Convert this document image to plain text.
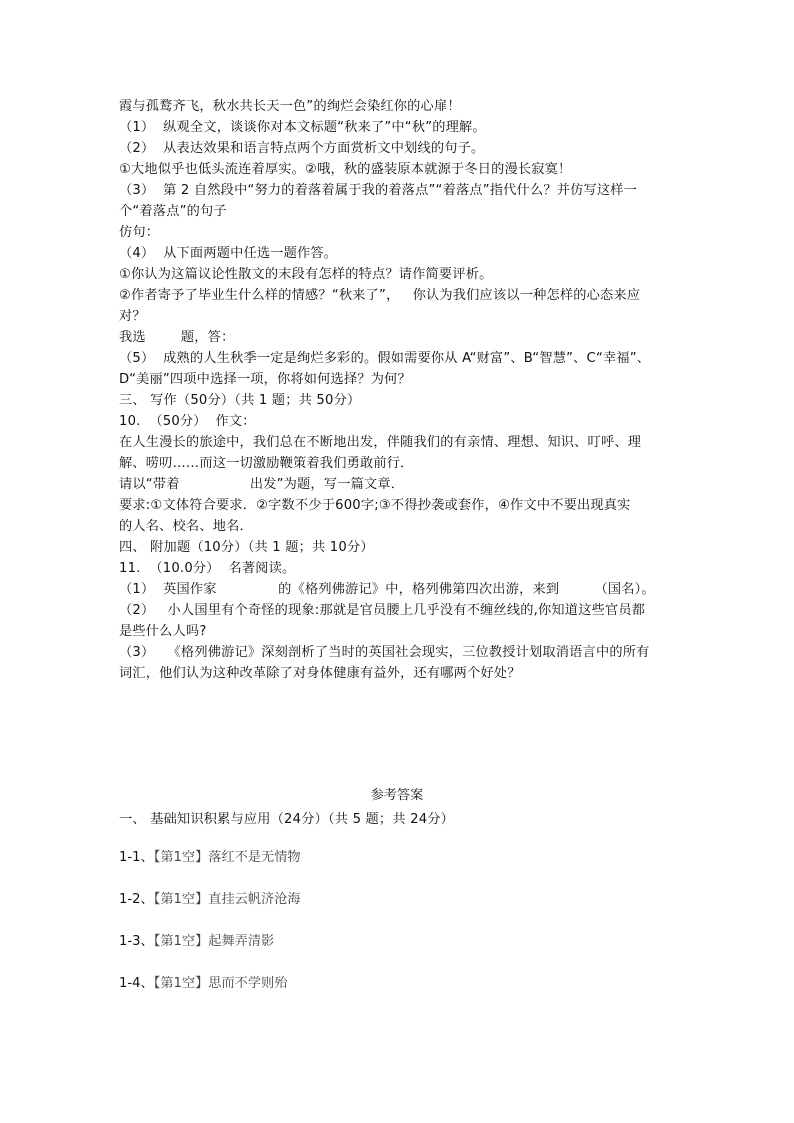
霞与孤鹜齐飞，秋水共长天一色”的绚烂会染红你的心扉！
（1）  纵观全文，谈谈你对本文标题“秋来了”中“秋”的理解。
（2）  从表达效果和语言特点两个方面赏析文中划线的句子。
①大地似乎也低头流连着厚实。②哦，秋的盛装原本就源于冬日的漫长寂寞！
（3）  第 2 自然段中“努力的着落着属于我的着落点”“着落点”指代什么？并仿写这样一
个“着落点”的句子
仿句：
（4）  从下面两题中任选一题作答。
①你认为这篇议论性散文的末段有怎样的特点？请作简要评析。
②作者寄予了毕业生什么样的情感？“秋来了”，   你认为我们应该以一种怎样的心态来应
对？
我选        题，答：
（5）  成熟的人生秋季一定是绚烂多彩的。假如需要你从 A“财富”、B“智慧”、C“幸福”、
D“美丽”四项中选择一项，你将如何选择？为何？
三、 写作（50分）（共 1 题；共 50分）
10.  （50分）  作文：
在人生漫长的旅途中，我们总在不断地出发，伴随我们的有亲情、理想、知识、叮呼、理
解、唠叨……而这一切激励鞭策着我们勇敢前行．
请以“带着                出发”为题，写一篇文章．
要求:①文体符合要求．②字数不少于600字;③不得抄袭或套作，④作文中不要出现真实
的人名、校名、地名．
四、 附加题（10分）（共 1 题；共 10分）
11.  （10.0分）  名著阅读。
（1）  英国作家              的《格列佛游记》中，格列佛第四次出游，来到        （国名）。
（2）   小人国里有个奇怪的现象:那就是官员腰上几乎没有不缠丝线的,你知道这些官员都
是些什么人吗?
（3）   《格列佛游记》深刻剖析了当时的英国社会现实，三位教授计划取消语言中的所有
词汇，他们认为这种改革除了对身体健康有益外，还有哪两个好处？
参考答案
一、 基础知识积累与应用（24分）（共 5 题；共 24分）
1-1、【第1空】落红不是无情物
1-2、【第1空】直挂云帆济沧海
1-3、【第1空】起舞弄清影
1-4、【第1空】思而不学则殆
